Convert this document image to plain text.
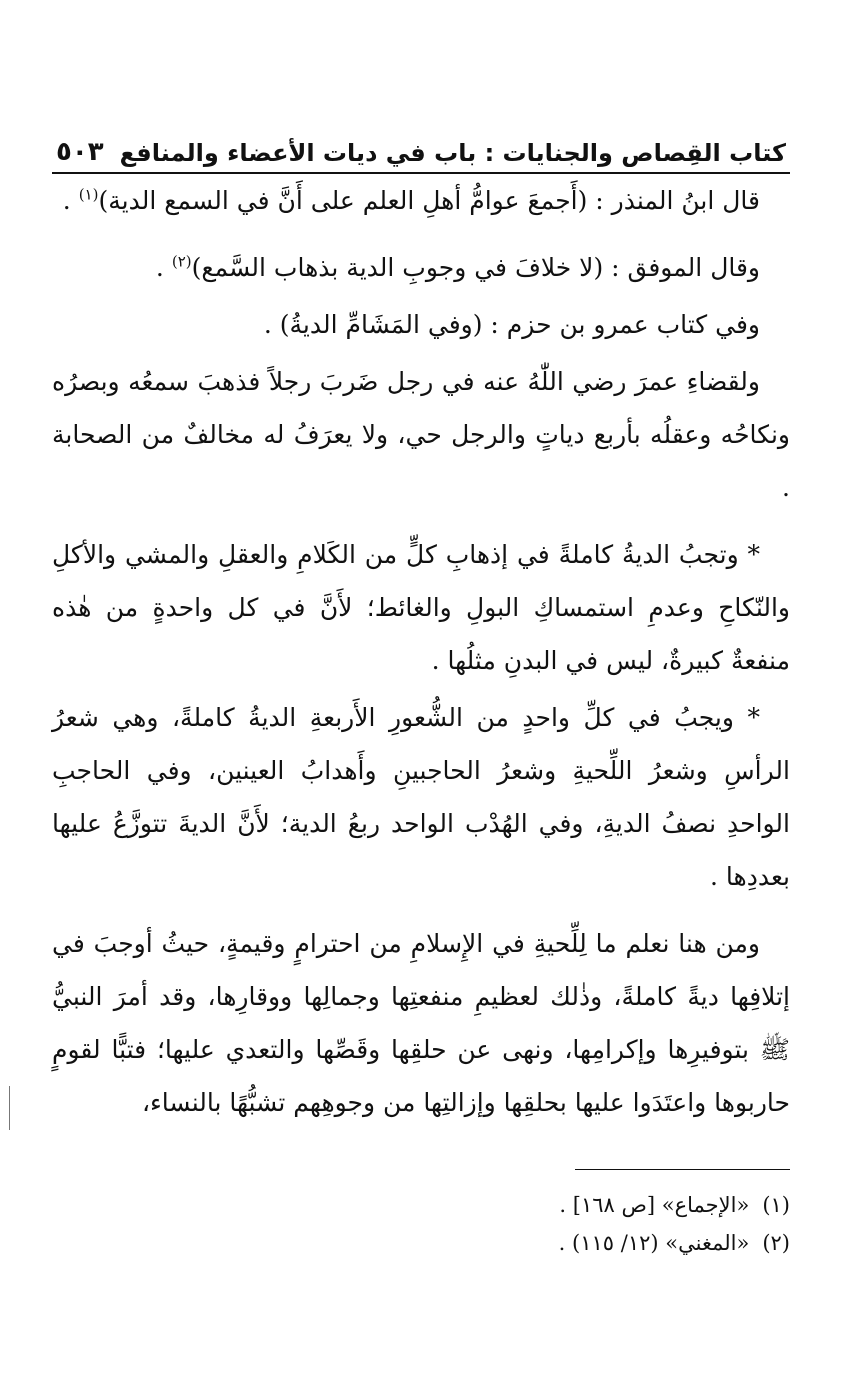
كتاب القِصاص والجنايات : باب في ديات الأعضاء والمنافع
٥٠٣

قال ابنُ المنذر : (أَجمعَ عوامُّ أهلِ العلم على أَنَّ في السمع الدية)$^{(١)}$ .

وقال الموفق : (لا خلافَ في وجوبِ الدية بذهاب السَّمع)$^{(٢)}$ .

وفي كتاب عمرو بن حزم : (وفي المَشَامِّ الديةُ) .

ولقضاءِ عمرَ رضي اللّٰهُ عنه في رجل ضَربَ رجلاً فذهبَ سمعُه وبصرُه ونكاحُه وعقلُه بأربع دياتٍ والرجل حي، ولا يعرَفُ له مخالفٌ من الصحابة .

* وتجبُ الديةُ كاملةً في إذهابِ كلٍّ من الكَلامِ والعقلِ والمشي والأكلِ والنّكاحِ وعدمِ استمساكِ البولِ والغائط؛ لأَنَّ في كل واحدةٍ من هٰذه منفعةٌ كبيرةٌ، ليس في البدنِ مثلُها .

* ويجبُ في كلِّ واحدٍ من الشُّعورِ الأَربعةِ الديةُ كاملةً، وهي شعرُ الرأسِ وشعرُ اللِّحيةِ وشعرُ الحاجبينِ وأَهدابُ العينين، وفي الحاجبِ الواحدِ نصفُ الديةِ، وفي الهُدْب الواحد ربعُ الدية؛ لأَنَّ الديةَ تتوزَّعُ عليها بعددِها .

ومن هنا نعلم ما لِلِّحيةِ في الإِسلامِ من احترامٍ وقيمةٍ، حيثُ أوجبَ في إتلافِها ديةً كاملةً، وذٰلك لعظيمِ منفعتِها وجمالِها ووقارِها، وقد أمرَ النبيُّ ﷺ بتوفيرِها وإكرامِها، ونهى عن حلقِها وقَصِّها والتعدي عليها؛ فتبًّا لقومٍ حاربوها واعتَدَوا عليها بحلقِها وإزالتِها من وجوهِهم تشبُّهًا بالنساء،

(١) «الإجماع» [ص ١٦٨] .

(٢) «المغني» (١٢/ ١١٥) .
